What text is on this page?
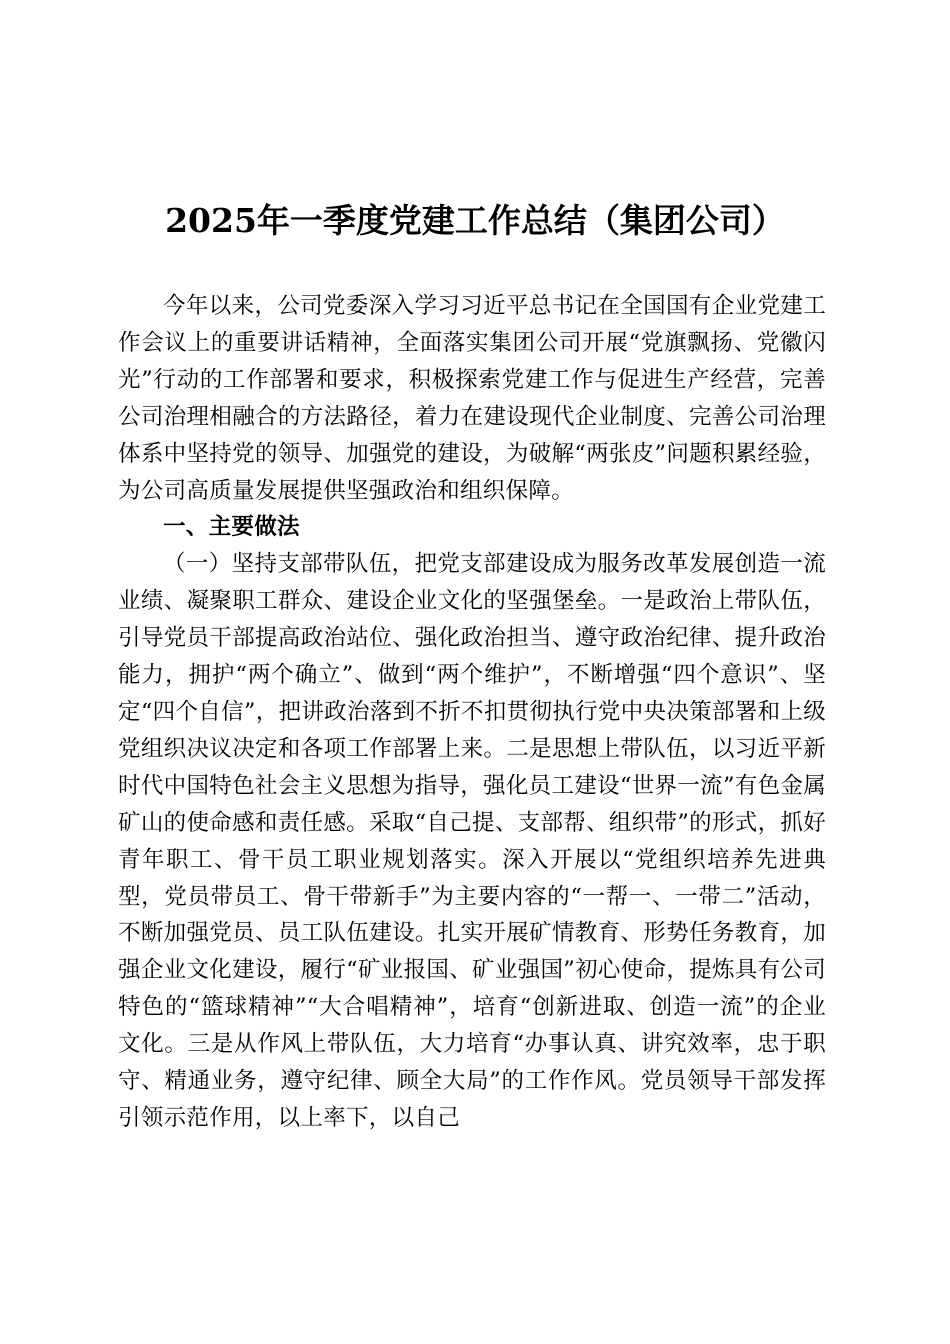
2025年一季度党建工作总结（集团公司）

今年以来，公司党委深入学习习近平总书记在全国国有企业党建工作会议上的重要讲话精神，全面落实集团公司开展“党旗飘扬、党徽闪光”行动的工作部署和要求，积极探索党建工作与促进生产经营，完善公司治理相融合的方法路径，着力在建设现代企业制度、完善公司治理体系中坚持党的领导、加强党的建设，为破解“两张皮”问题积累经验，为公司高质量发展提供坚强政治和组织保障。

一、主要做法

（一）坚持支部带队伍，把党支部建设成为服务改革发展创造一流业绩、凝聚职工群众、建设企业文化的坚强堡垒。一是政治上带队伍，引导党员干部提高政治站位、强化政治担当、遵守政治纪律、提升政治能力，拥护“两个确立”、做到“两个维护”，不断增强“四个意识”、坚定“四个自信”，把讲政治落到不折不扣贯彻执行党中央决策部署和上级党组织决议决定和各项工作部署上来。二是思想上带队伍，以习近平新时代中国特色社会主义思想为指导，强化员工建设“世界一流”有色金属矿山的使命感和责任感。采取“自己提、支部帮、组织带”的形式，抓好青年职工、骨干员工职业规划落实。深入开展以“党组织培养先进典型，党员带员工、骨干带新手”为主要内容的“一帮一、一带二”活动，不断加强党员、员工队伍建设。扎实开展矿情教育、形势任务教育，加强企业文化建设，履行“矿业报国、矿业强国”初心使命，提炼具有公司特色的“篮球精神”“大合唱精神”，培育“创新进取、创造一流”的企业文化。三是从作风上带队伍，大力培育“办事认真、讲究效率，忠于职守、精通业务，遵守纪律、顾全大局”的工作作风。党员领导干部发挥引领示范作用，以上率下，以自己
